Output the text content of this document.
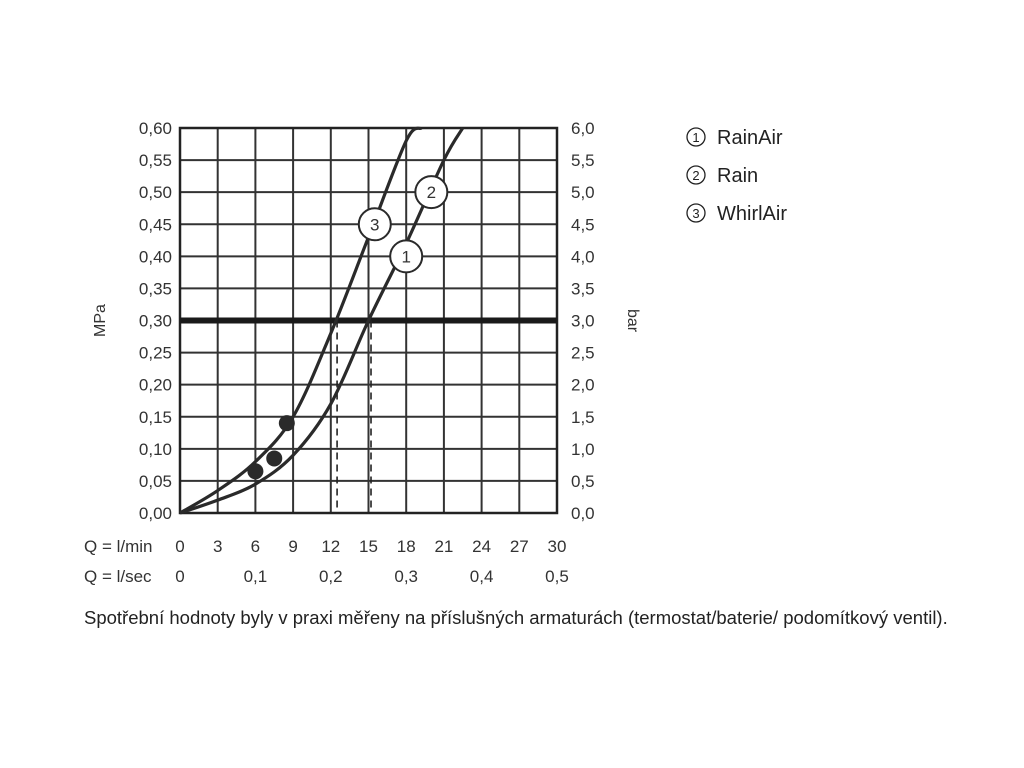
1
2
3
0,00
0,05
0,10
0,15
0,20
0,25
0,30
0,35
0,40
0,45
0,50
0,55
0,60
0,0
0,5
1,0
1,5
2,0
2,5
3,0
3,5
4,0
4,5
5,0
5,5
6,0
MPa	bar
Q = l/min 0 3 6 9 12 15 18 21 24 27 30
Q = l/sec 0	0,1	0,2	0,3	0,4	0,5
1 RainAir
2 Rain
3 WhirlAir
Spotřební hodnoty byly v praxi měřeny na příslušných armaturách (termostat/baterie/ podomítkový ventil).
